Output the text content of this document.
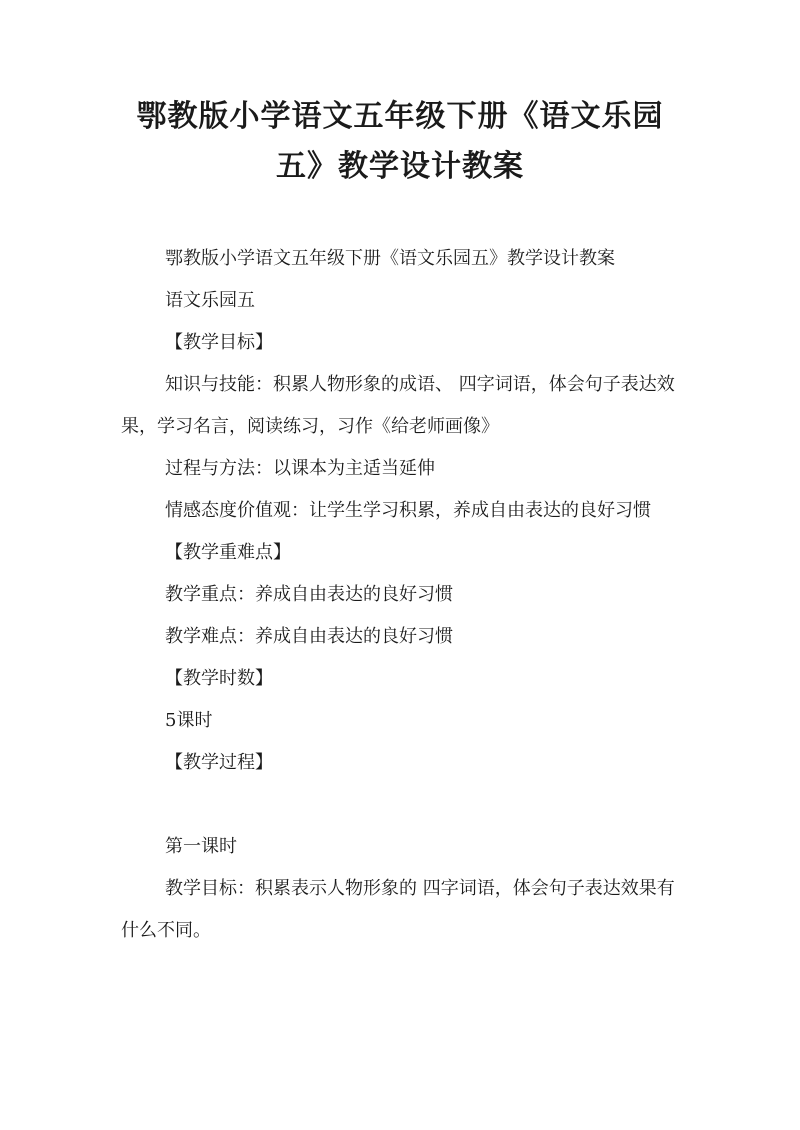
鄂教版小学语文五年级下册《语文乐园
五》教学设计教案

鄂教版小学语文五年级下册《语文乐园五》教学设计教案

语文乐园五

【教学目标】

知识与技能：积累人物形象的成语、 四字词语，体会句子表达效果，学习名言，阅读练习，习作《给老师画像》

过程与方法：以课本为主适当延伸

情感态度价值观：让学生学习积累，养成自由表达的良好习惯

【教学重难点】

教学重点：养成自由表达的良好习惯

教学难点：养成自由表达的良好习惯

【教学时数】

5课时

【教学过程】

第一课时

教学目标：积累表示人物形象的 四字词语，体会句子表达效果有什么不同。
